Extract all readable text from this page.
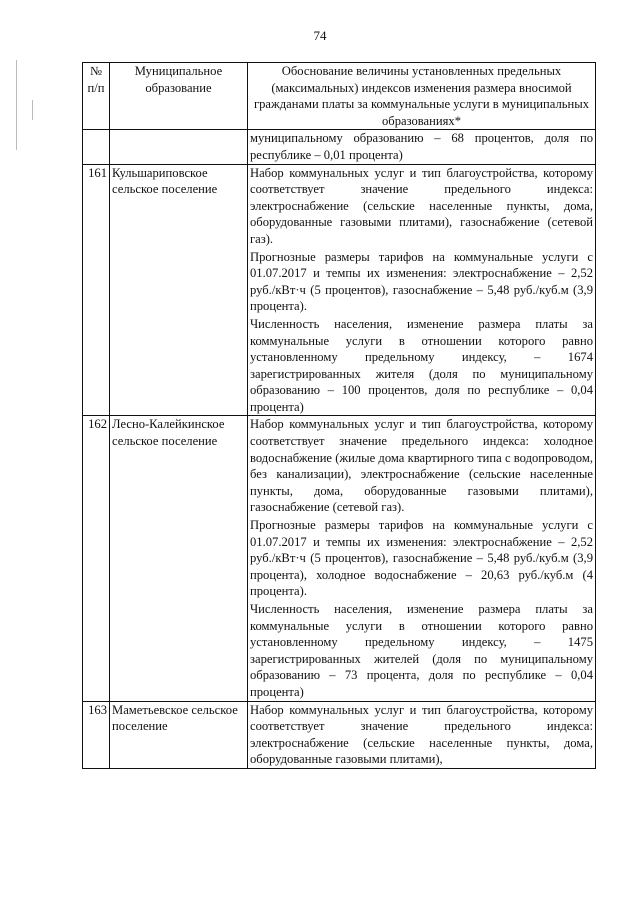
74
№ п/п	Муниципальное образование	Обоснование величины установленных предельных (максимальных) индексов изменения размера вносимой гражданами платы за коммунальные услуги в муниципальных образованиях*

		муниципальному образованию – 68 процентов, доля по республике – 0,01 процента)

161	Кульшариповское сельское поселение	Набор коммунальных услуг и тип благоустройства, которому соответствует значение предельного индекса: электроснабжение (сельские населенные пункты, дома, оборудованные газовыми плитами), газоснабжение (сетевой газ).

Прогнозные размеры тарифов на коммунальные услуги с 01.07.2017 и темпы их изменения: электроснабжение – 2,52 руб./кВт·ч (5 процентов), газоснабжение – 5,48 руб./куб.м (3,9 процента).

Численность населения, изменение размера платы за коммунальные услуги в отношении которого равно установленному предельному индексу, – 1674 зарегистрированных жителя (доля по муниципальному образованию – 100 процентов, доля по республике – 0,04 процента)

162	Лесно-Калейкинское сельское поселение	Набор коммунальных услуг и тип благоустройства, которому соответствует значение предельного индекса: холодное водоснабжение (жилые дома квартирного типа с водопроводом, без канализации), электроснабжение (сельские населенные пункты, дома, оборудованные газовыми плитами), газоснабжение (сетевой газ).

Прогнозные размеры тарифов на коммунальные услуги с 01.07.2017 и темпы их изменения: электроснабжение – 2,52 руб./кВт·ч (5 процентов), газоснабжение – 5,48 руб./куб.м (3,9 процента), холодное водоснабжение – 20,63 руб./куб.м (4 процента).

Численность населения, изменение размера платы за коммунальные услуги в отношении которого равно установленному предельному индексу, – 1475 зарегистрированных жителей (доля по муниципальному образованию – 73 процента, доля по республике – 0,04 процента)

163	Маметьевское сельское поселение	Набор коммунальных услуг и тип благоустройства, которому соответствует значение предельного индекса: электроснабжение (сельские населенные пункты, дома, оборудованные газовыми плитами),
